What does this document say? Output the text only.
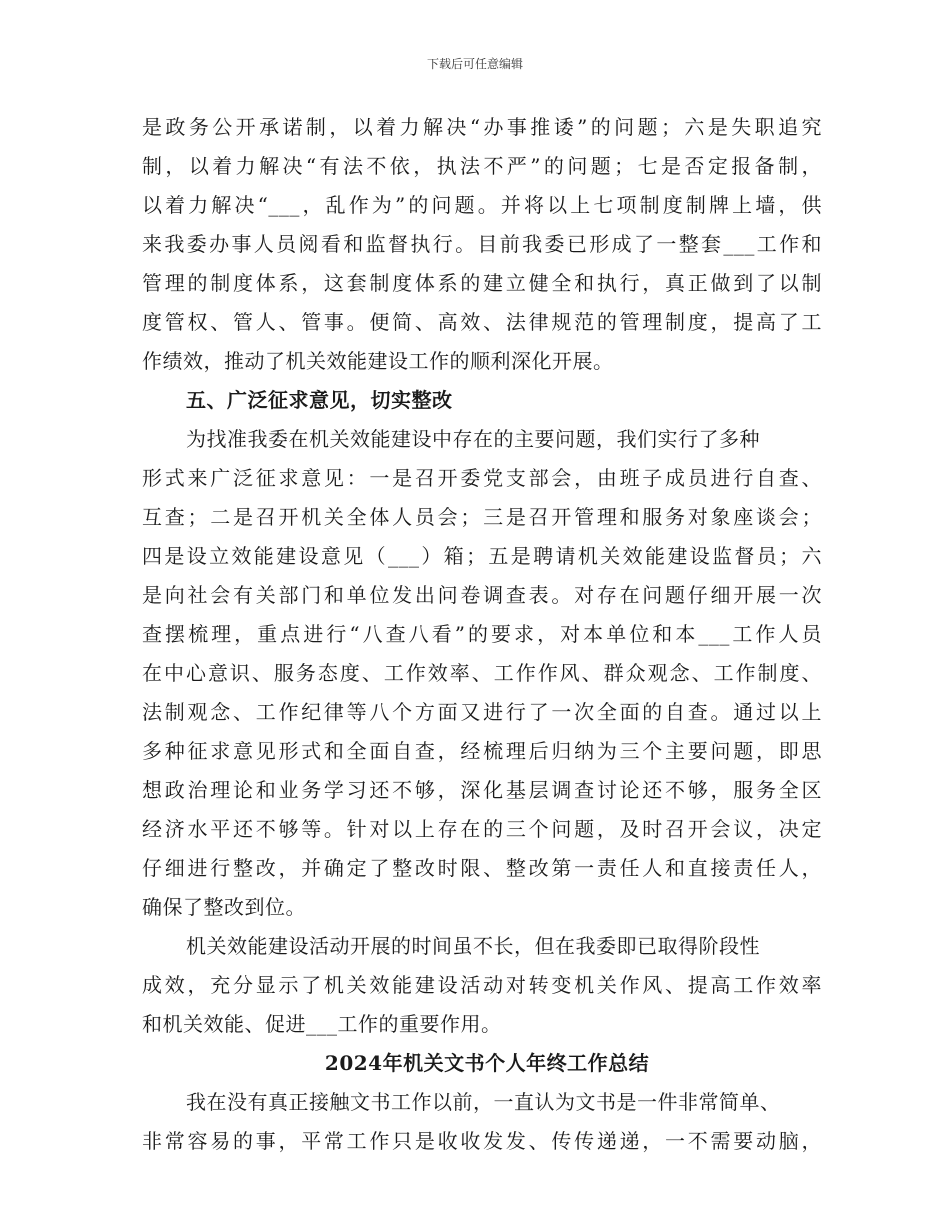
下载后可任意编辑
是政务公开承诺制，以着力解决“办事推诿”的问题；六是失职追究
制，以着力解决“有法不依，执法不严”的问题；七是否定报备制，
以着力解决“___，乱作为”的问题。并将以上七项制度制牌上墙，供
来我委办事人员阅看和监督执行。目前我委已形成了一整套___工作和
管理的制度体系，这套制度体系的建立健全和执行，真正做到了以制
度管权、管人、管事。便简、高效、法律规范的管理制度，提高了工
作绩效，推动了机关效能建设工作的顺利深化开展。
五、广泛征求意见，切实整改
为找准我委在机关效能建设中存在的主要问题，我们实行了多种
形式来广泛征求意见：一是召开委党支部会，由班子成员进行自查、
互查；二是召开机关全体人员会；三是召开管理和服务对象座谈会；
四是设立效能建设意见（___）箱；五是聘请机关效能建设监督员；六
是向社会有关部门和单位发出问卷调查表。对存在问题仔细开展一次
查摆梳理，重点进行“八查八看”的要求，对本单位和本___工作人员
在中心意识、服务态度、工作效率、工作作风、群众观念、工作制度、
法制观念、工作纪律等八个方面又进行了一次全面的自查。通过以上
多种征求意见形式和全面自查，经梳理后归纳为三个主要问题，即思
想政治理论和业务学习还不够，深化基层调查讨论还不够，服务全区
经济水平还不够等。针对以上存在的三个问题，及时召开会议，决定
仔细进行整改，并确定了整改时限、整改第一责任人和直接责任人，
确保了整改到位。
机关效能建设活动开展的时间虽不长，但在我委即已取得阶段性
成效，充分显示了机关效能建设活动对转变机关作风、提高工作效率
和机关效能、促进___工作的重要作用。
2024年机关文书个人年终工作总结
我在没有真正接触文书工作以前，一直认为文书是一件非常简单、
非常容易的事，平常工作只是收收发发、传传递递，一不需要动脑，
